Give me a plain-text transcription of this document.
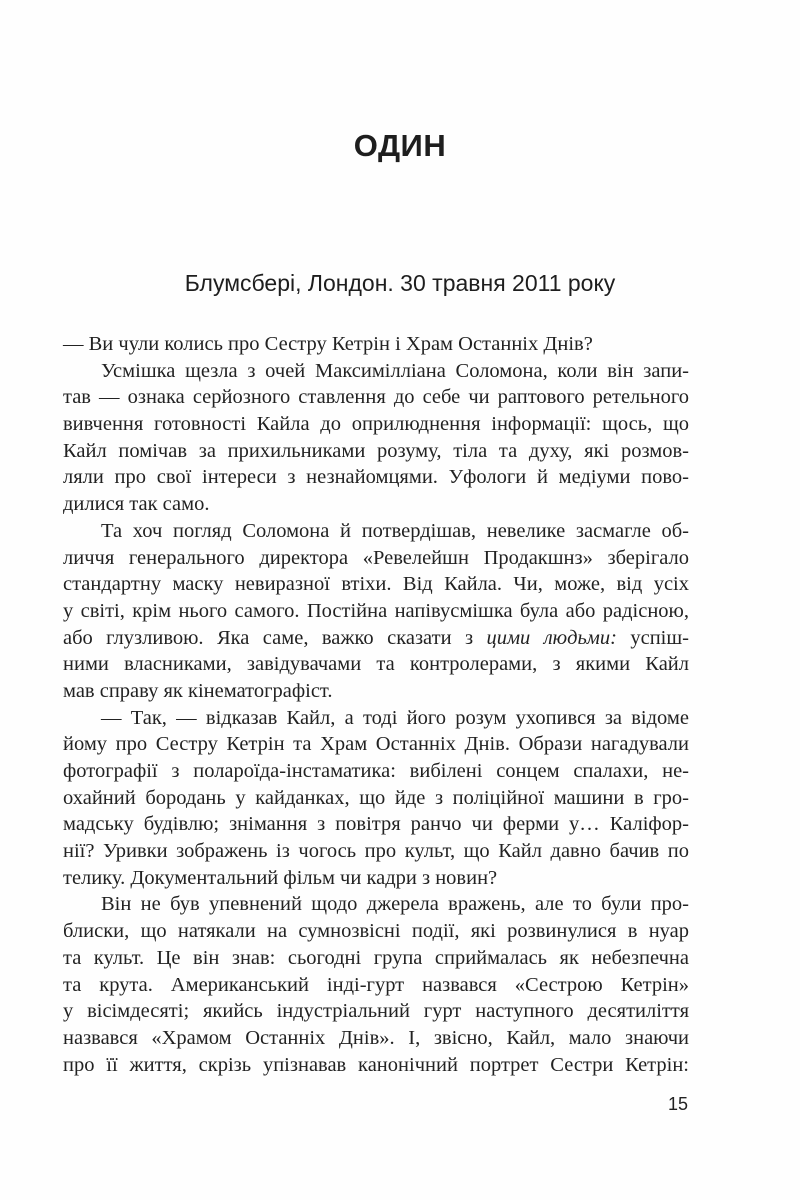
ОДИН
Блумсбері, Лондон. 30 травня 2011 року
— Ви чули колись про Сестру Кетрін і Храм Останніх Днів?
Усмішка щезла з очей Максимілліана Соломона, коли він запи-
тав — ознака серйозного ставлення до себе чи раптового ретельного
вивчення готовності Кайла до оприлюднення інформації: щось, що
Кайл помічав за прихильниками розуму, тіла та духу, які розмов-
ляли про свої інтереси з незнайомцями. Уфологи й медіуми пово-
дилися так само.
Та хоч погляд Соломона й потвердішав, невелике засмагле об-
личчя генерального директора «Ревелейшн Продакшнз» зберігало
стандартну маску невиразної втіхи. Від Кайла. Чи, може, від усіх
у світі, крім нього самого. Постійна напівусмішка була або радісною,
або глузливою. Яка саме, важко сказати з цими людьми: успіш-
ними власниками, завідувачами та контролерами, з якими Кайл
мав справу як кінематографіст.
— Так, — відказав Кайл, а тоді його розум ухопився за відоме
йому про Сестру Кетрін та Храм Останніх Днів. Образи нагадували
фотографії з полароїда-інстаматика: вибілені сонцем спалахи, не-
охайний бородань у кайданках, що йде з поліційної машини в гро-
мадську будівлю; знімання з повітря ранчо чи ферми у… Калiфор-
нії? Уривки зображень із чогось про культ, що Кайл давно бачив по
телику. Документальний фільм чи кадри з новин?
Він не був упевнений щодо джерела вражень, але то були про-
блиски, що натякали на сумнозвісні події, які розвинулися в нуар
та культ. Це він знав: сьогодні група сприймалась як небезпечна
та крута. Американський інді-гурт назвався «Сестрою Кетрін»
у вісімдесяті; якийсь індустріальний гурт наступного десятиліття
назвався «Храмом Останніх Днів». І, звісно, Кайл, мало знаючи
про її життя, скрізь упізнавав канонічний портрет Сестри Кетрін:
15
